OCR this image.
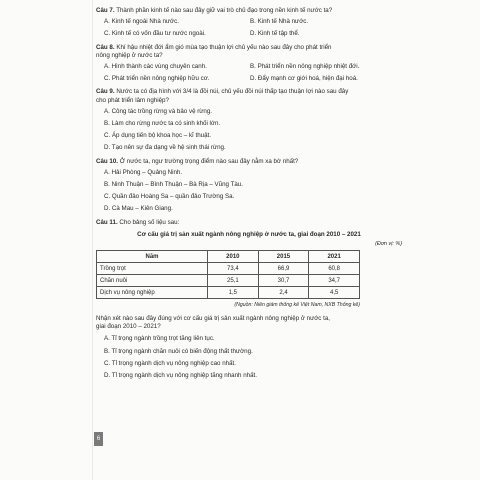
Câu 7. Thành phần kinh tế nào sau đây giữ vai trò chủ đạo trong nền kinh tế nước ta?
A. Kinh tế ngoài Nhà nước.	B. Kinh tế Nhà nước.
C. Kinh tế có vốn đầu tư nước ngoài.	D. Kinh tế tập thể.
Câu 8. Khí hậu nhiệt đới ẩm gió mùa tạo thuận lợi chủ yếu nào sau đây cho phát triển
nông nghiệp ở nước ta?
A. Hình thành các vùng chuyên canh.	B. Phát triển nền nông nghiệp nhiệt đới.
C. Phát triển nền nông nghiệp hữu cơ.	D. Đẩy mạnh cơ giới hoá, hiện đại hoá.
Câu 9. Nước ta có địa hình với 3/4 là đồi núi, chủ yếu đồi núi thấp tạo thuận lợi nào sau đây
cho phát triển lâm nghiệp?
A. Công tác trồng rừng và bảo vệ rừng.
B. Làm cho rừng nước ta có sinh khối lớn.
C. Áp dụng tiến bộ khoa học – kĩ thuật.
D. Tạo nên sự đa dạng về hệ sinh thái rừng.
Câu 10. Ở nước ta, ngư trường trọng điểm nào sau đây nằm xa bờ nhất?
A. Hải Phòng – Quảng Ninh.
B. Ninh Thuận – Bình Thuận – Bà Rịa – Vũng Tàu.
C. Quần đảo Hoàng Sa – quần đảo Trường Sa.
D. Cà Mau – Kiên Giang.
Câu 11. Cho bảng số liệu sau:
Cơ cấu giá trị sản xuất ngành nông nghiệp ở nước ta, giai đoạn 2010 – 2021
(Đơn vị: %)
Năm	2010	2015	2021
Trồng trọt	73,4	66,9	60,8
Chăn nuôi	25,1	30,7	34,7
Dịch vụ nông nghiệp	1,5	2,4	4,5
(Nguồn: Niên giám thống kê Việt Nam, NXB Thống kê)
Nhận xét nào sau đây đúng với cơ cấu giá trị sản xuất ngành nông nghiệp ở nước ta,
giai đoạn 2010 – 2021?
A. Tỉ trọng ngành trồng trọt tăng liên tục.
B. Tỉ trọng ngành chăn nuôi có biến động thất thường.
C. Tỉ trọng ngành dịch vụ nông nghiệp cao nhất.
D. Tỉ trọng ngành dịch vụ nông nghiệp tăng nhanh nhất.
6
